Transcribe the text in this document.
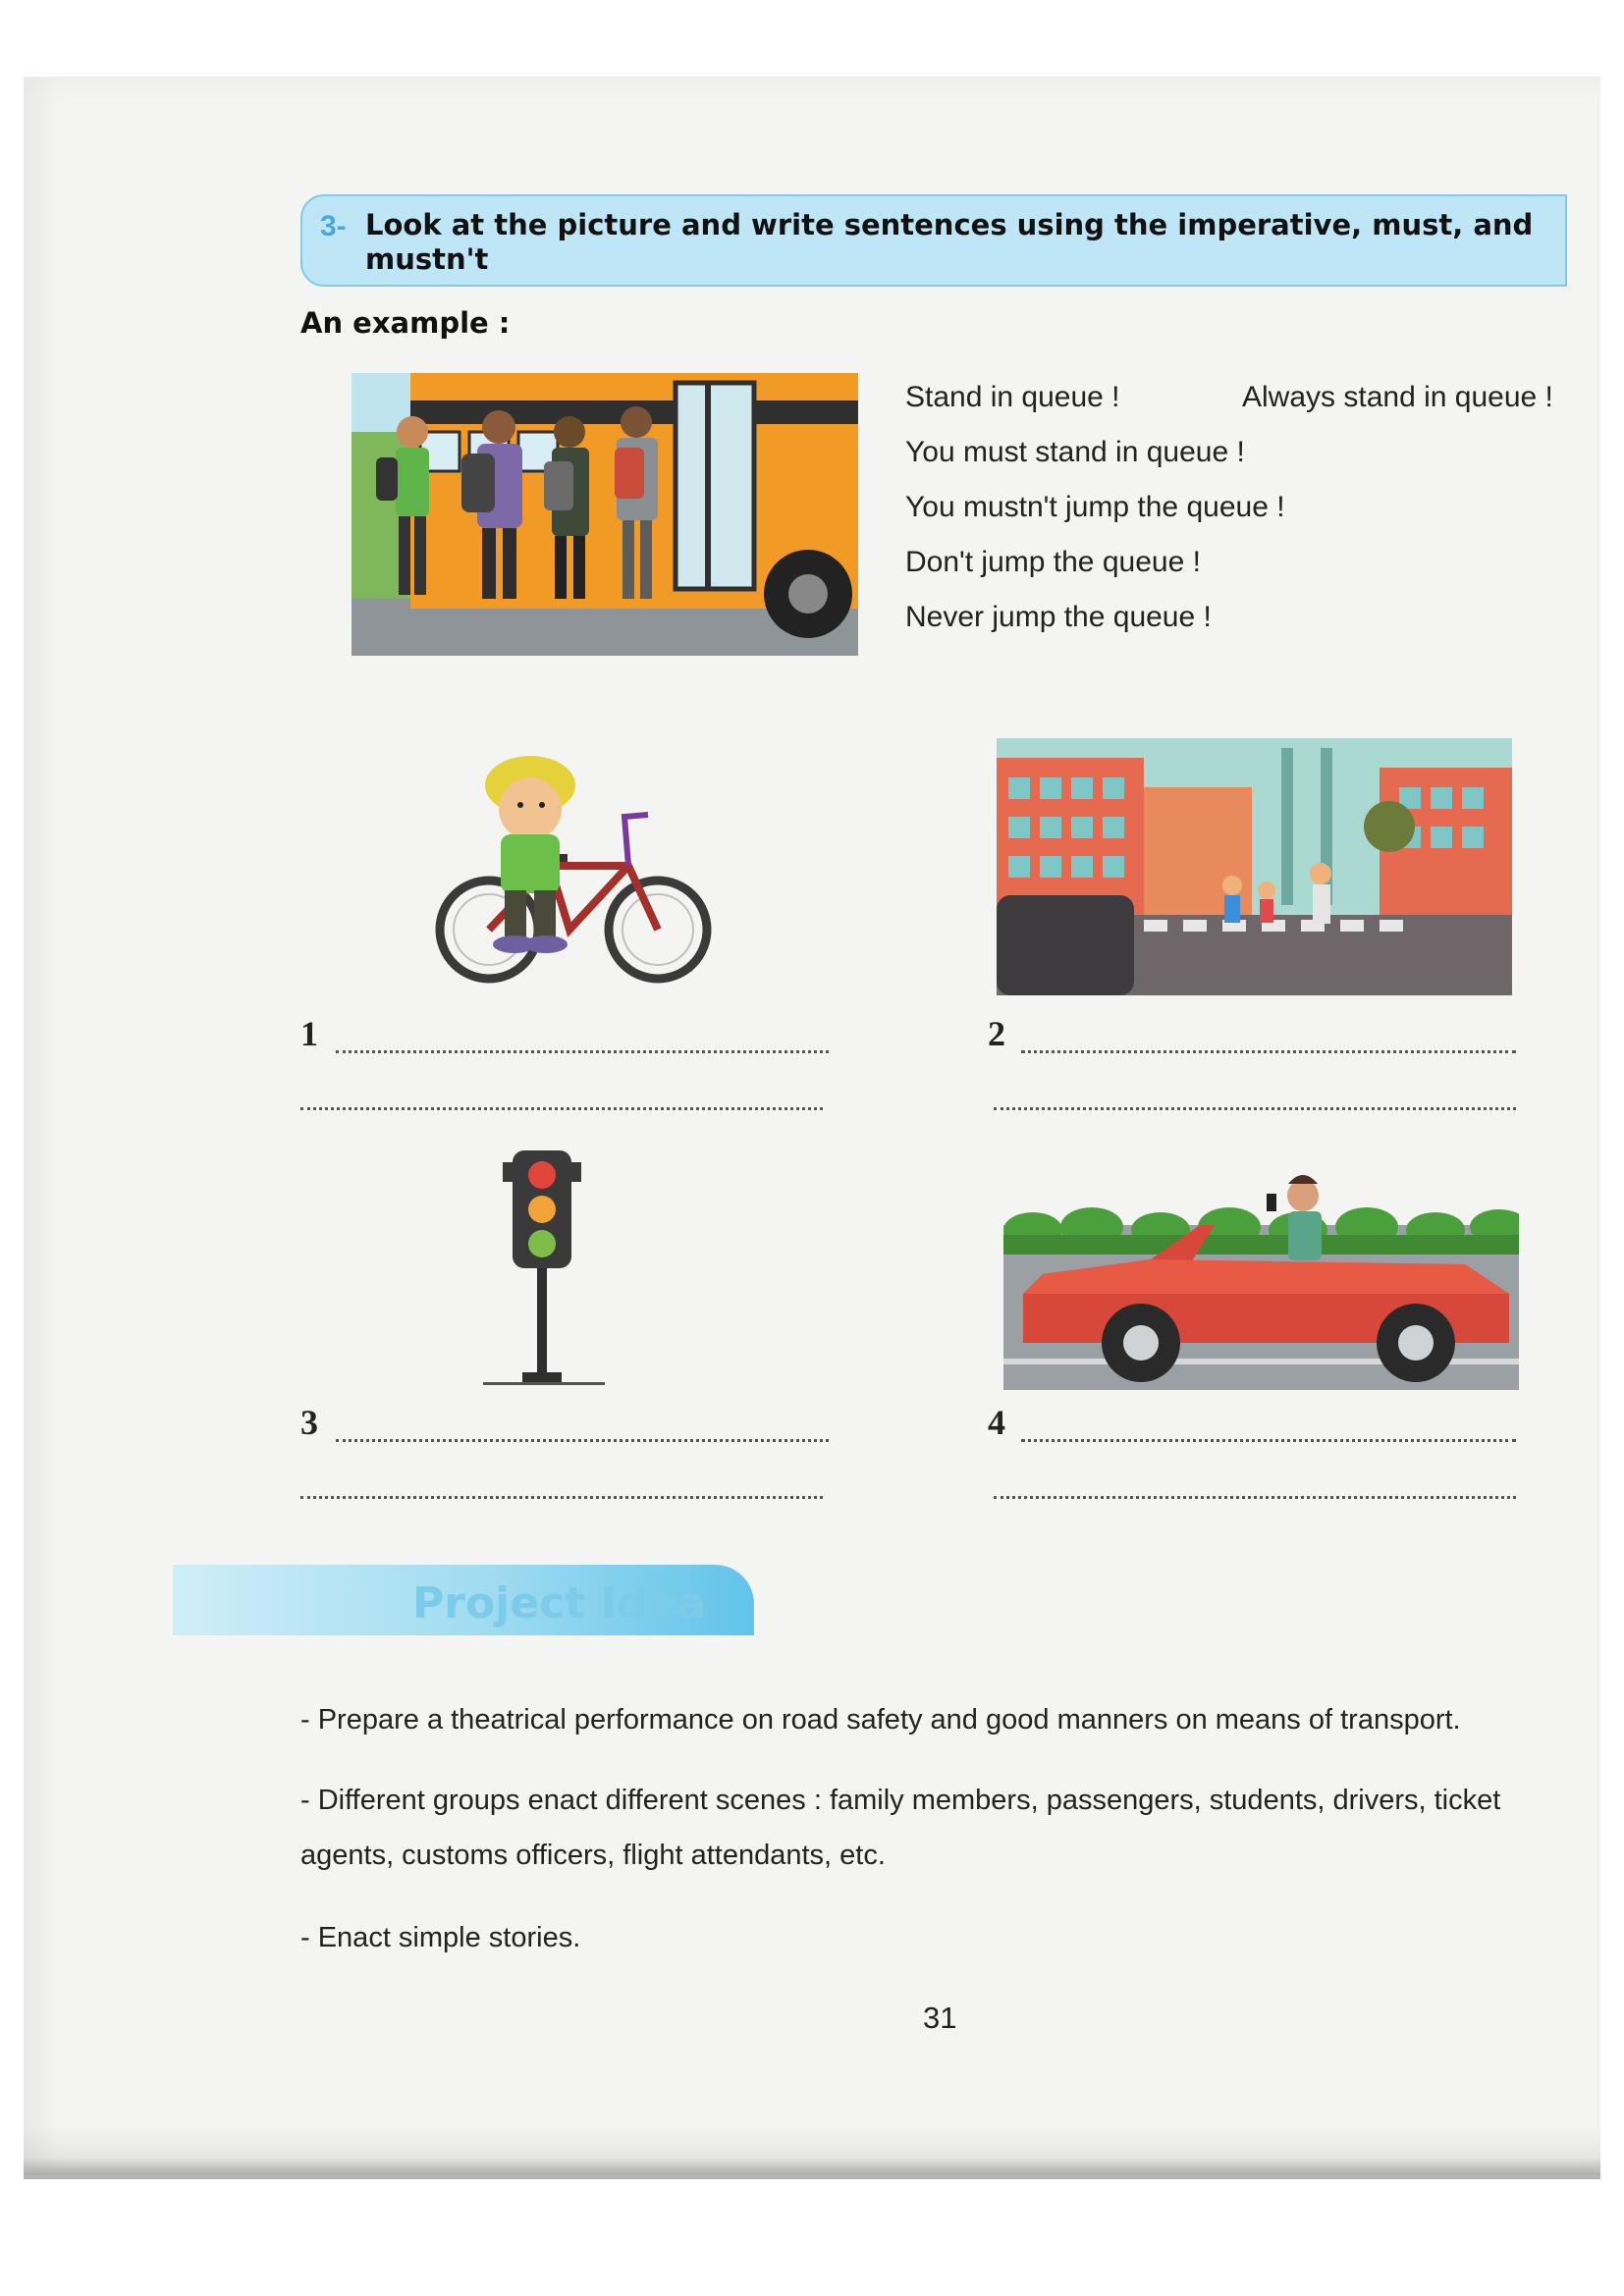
3- Look at the picture and write sentences using the imperative, must, and mustn't
An example :
Stand in queue !	Always stand in queue !
You must stand in queue !
You mustn't jump the queue !
Don't jump the queue !
Never jump the queue !
1	2
3	4
Project Idea
- Prepare a theatrical performance on road safety and good manners on means of transport.
- Different groups enact different scenes : family members, passengers, students, drivers, ticket agents, customs officers, flight attendants, etc.
- Enact simple stories.
31
